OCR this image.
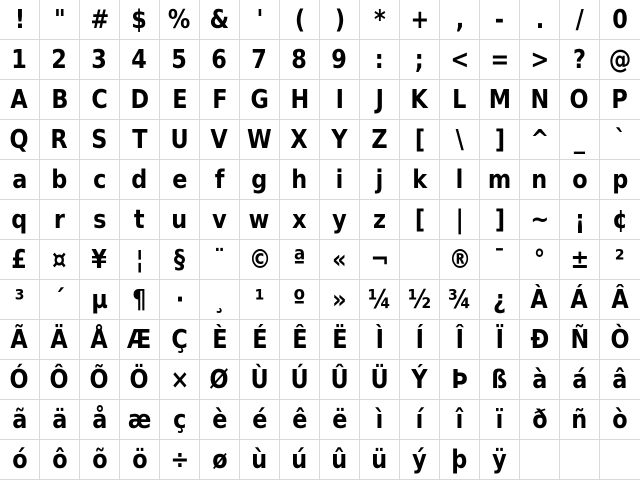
! " # $ % & ' ( ) * + , - . / 0
1 2 3 4 5 6 7 8 9 : ; < = > ? @
A B C D E F G H I J K L M N O P
Q R S T U V W X Y Z [ \ ] ^ _ `
a b c d e f g h i j k l m n o p
q r s t u v w x y z [ | ] ~ ¡ ¢
£ ¤ ¥ ¦ § ¨ © ª « ¬ ® ¯ ° ± ²
³ ´ µ ¶ · ¸ ¹ º » ¼ ½ ¾ ¿ À Á Â
Ã Ä Å Æ Ç È É Ê Ë Ì Í Î Ï Ð Ñ Ò
Ó Ô Õ Ö × Ø Ù Ú Û Ü Ý Þ ß à á â
ã ä å æ ç è é ê ë ì í î ï ð ñ ò
ó ô õ ö ÷ ø ù ú û ü ý þ ÿ
